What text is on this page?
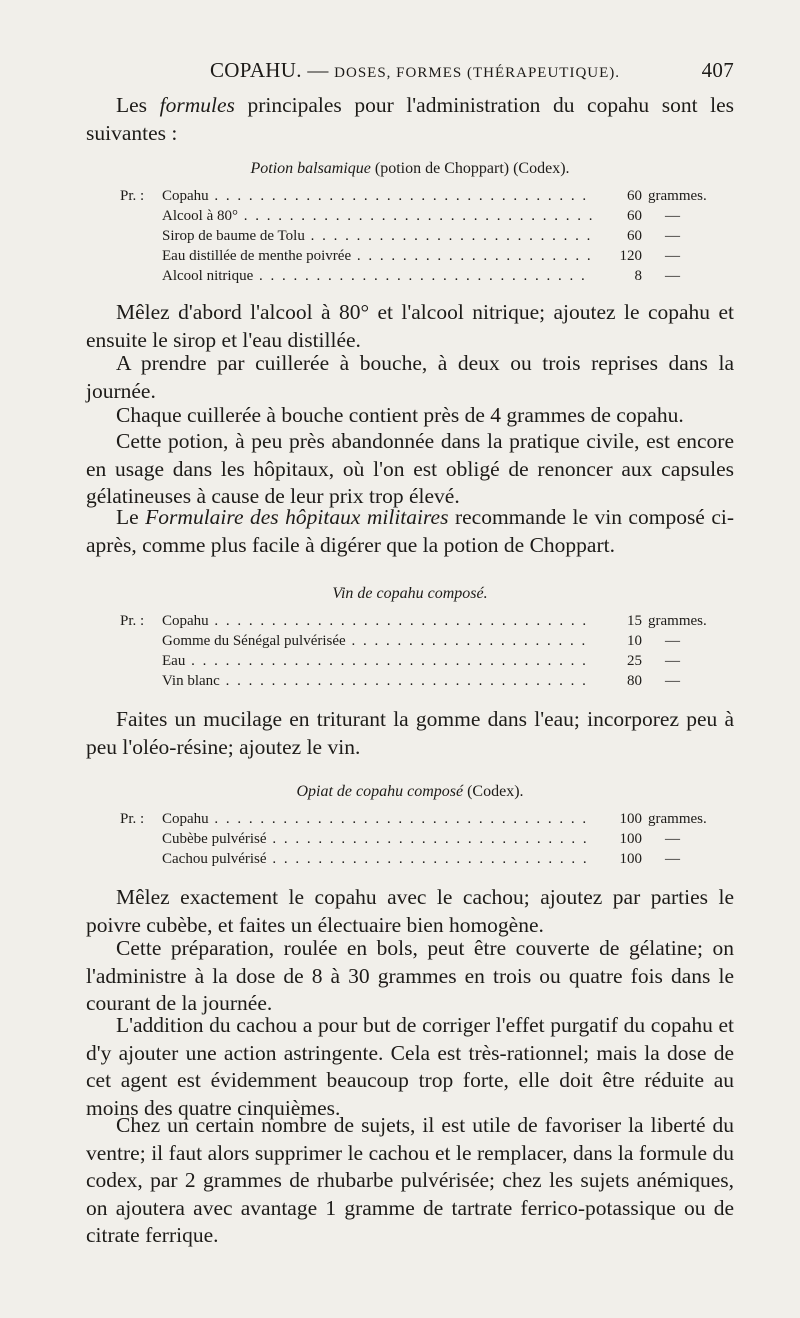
COPAHU. — DOSES, FORMES (THÉRAPEUTIQUE).	407
Les formules principales pour l'administration du copahu sont les suivantes :
Potion balsamique (potion de Choppart) (Codex).
Pr. : Copahu . . .	60 grammes.
Alcool à 80° . . .	60 —
Sirop de baume de Tolu . . .	60 —
Eau distillée de menthe poivrée . . .	120 —
Alcool nitrique . . .	8 —
Mêlez d'abord l'alcool à 80° et l'alcool nitrique; ajoutez le copahu et ensuite le sirop et l'eau distillée.
A prendre par cuillerée à bouche, à deux ou trois reprises dans la journée.
Chaque cuillerée à bouche contient près de 4 grammes de copahu.
Cette potion, à peu près abandonnée dans la pratique civile, est encore en usage dans les hôpitaux, où l'on est obligé de renoncer aux capsules gélatineuses à cause de leur prix trop élevé.
Le Formulaire des hôpitaux militaires recommande le vin composé ci-après, comme plus facile à digérer que la potion de Choppart.
Vin de copahu composé.
Pr. : Copahu . . .	15 grammes.
Gomme du Sénégal pulvérisée . . .	10 —
Eau . . .	25 —
Vin blanc . . .	80 —
Faites un mucilage en triturant la gomme dans l'eau; incorporez peu à peu l'oléo-résine; ajoutez le vin.
Opiat de copahu composé (Codex).
Pr. : Copahu . . .	100 grammes.
Cubèbe pulvérisé . . .	100 —
Cachou pulvérisé . . .	100 —
Mêlez exactement le copahu avec le cachou; ajoutez par parties le poivre cubèbe, et faites un électuaire bien homogène.
Cette préparation, roulée en bols, peut être couverte de gélatine; on l'administre à la dose de 8 à 30 grammes en trois ou quatre fois dans le courant de la journée.
L'addition du cachou a pour but de corriger l'effet purgatif du copahu et d'y ajouter une action astringente. Cela est très-rationnel; mais la dose de cet agent est évidemment beaucoup trop forte, elle doit être réduite au moins des quatre cinquièmes.
Chez un certain nombre de sujets, il est utile de favoriser la liberté du ventre; il faut alors supprimer le cachou et le remplacer, dans la formule du codex, par 2 grammes de rhubarbe pulvérisée; chez les sujets anémiques, on ajoutera avec avantage 1 gramme de tartrate ferrico-potassique ou de citrate ferrique.
